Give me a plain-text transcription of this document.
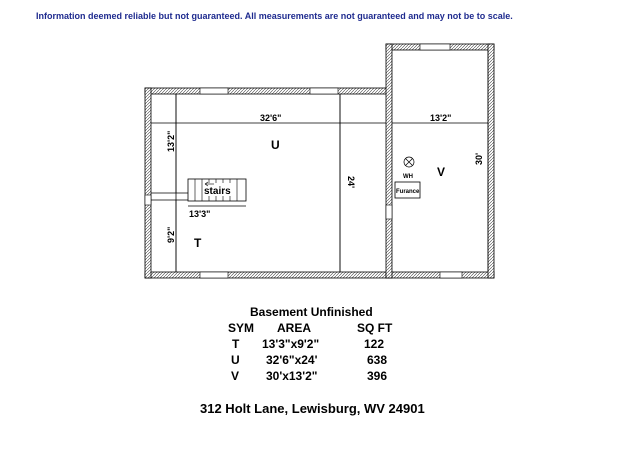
Information deemed reliable but not guaranteed. All measurements are not guaranteed and may not be to scale.
stairs
32'6"	13'2"
13'2"
9'2"
13'3"
24'
30'
U
T
V
WH
Furance
Basement Unfinished
SYM AREA	SQ FT
T 13'3"x9'2"	122
U 32'6"x24'	638
V 30'x13'2"	396
312 Holt Lane, Lewisburg, WV 24901
